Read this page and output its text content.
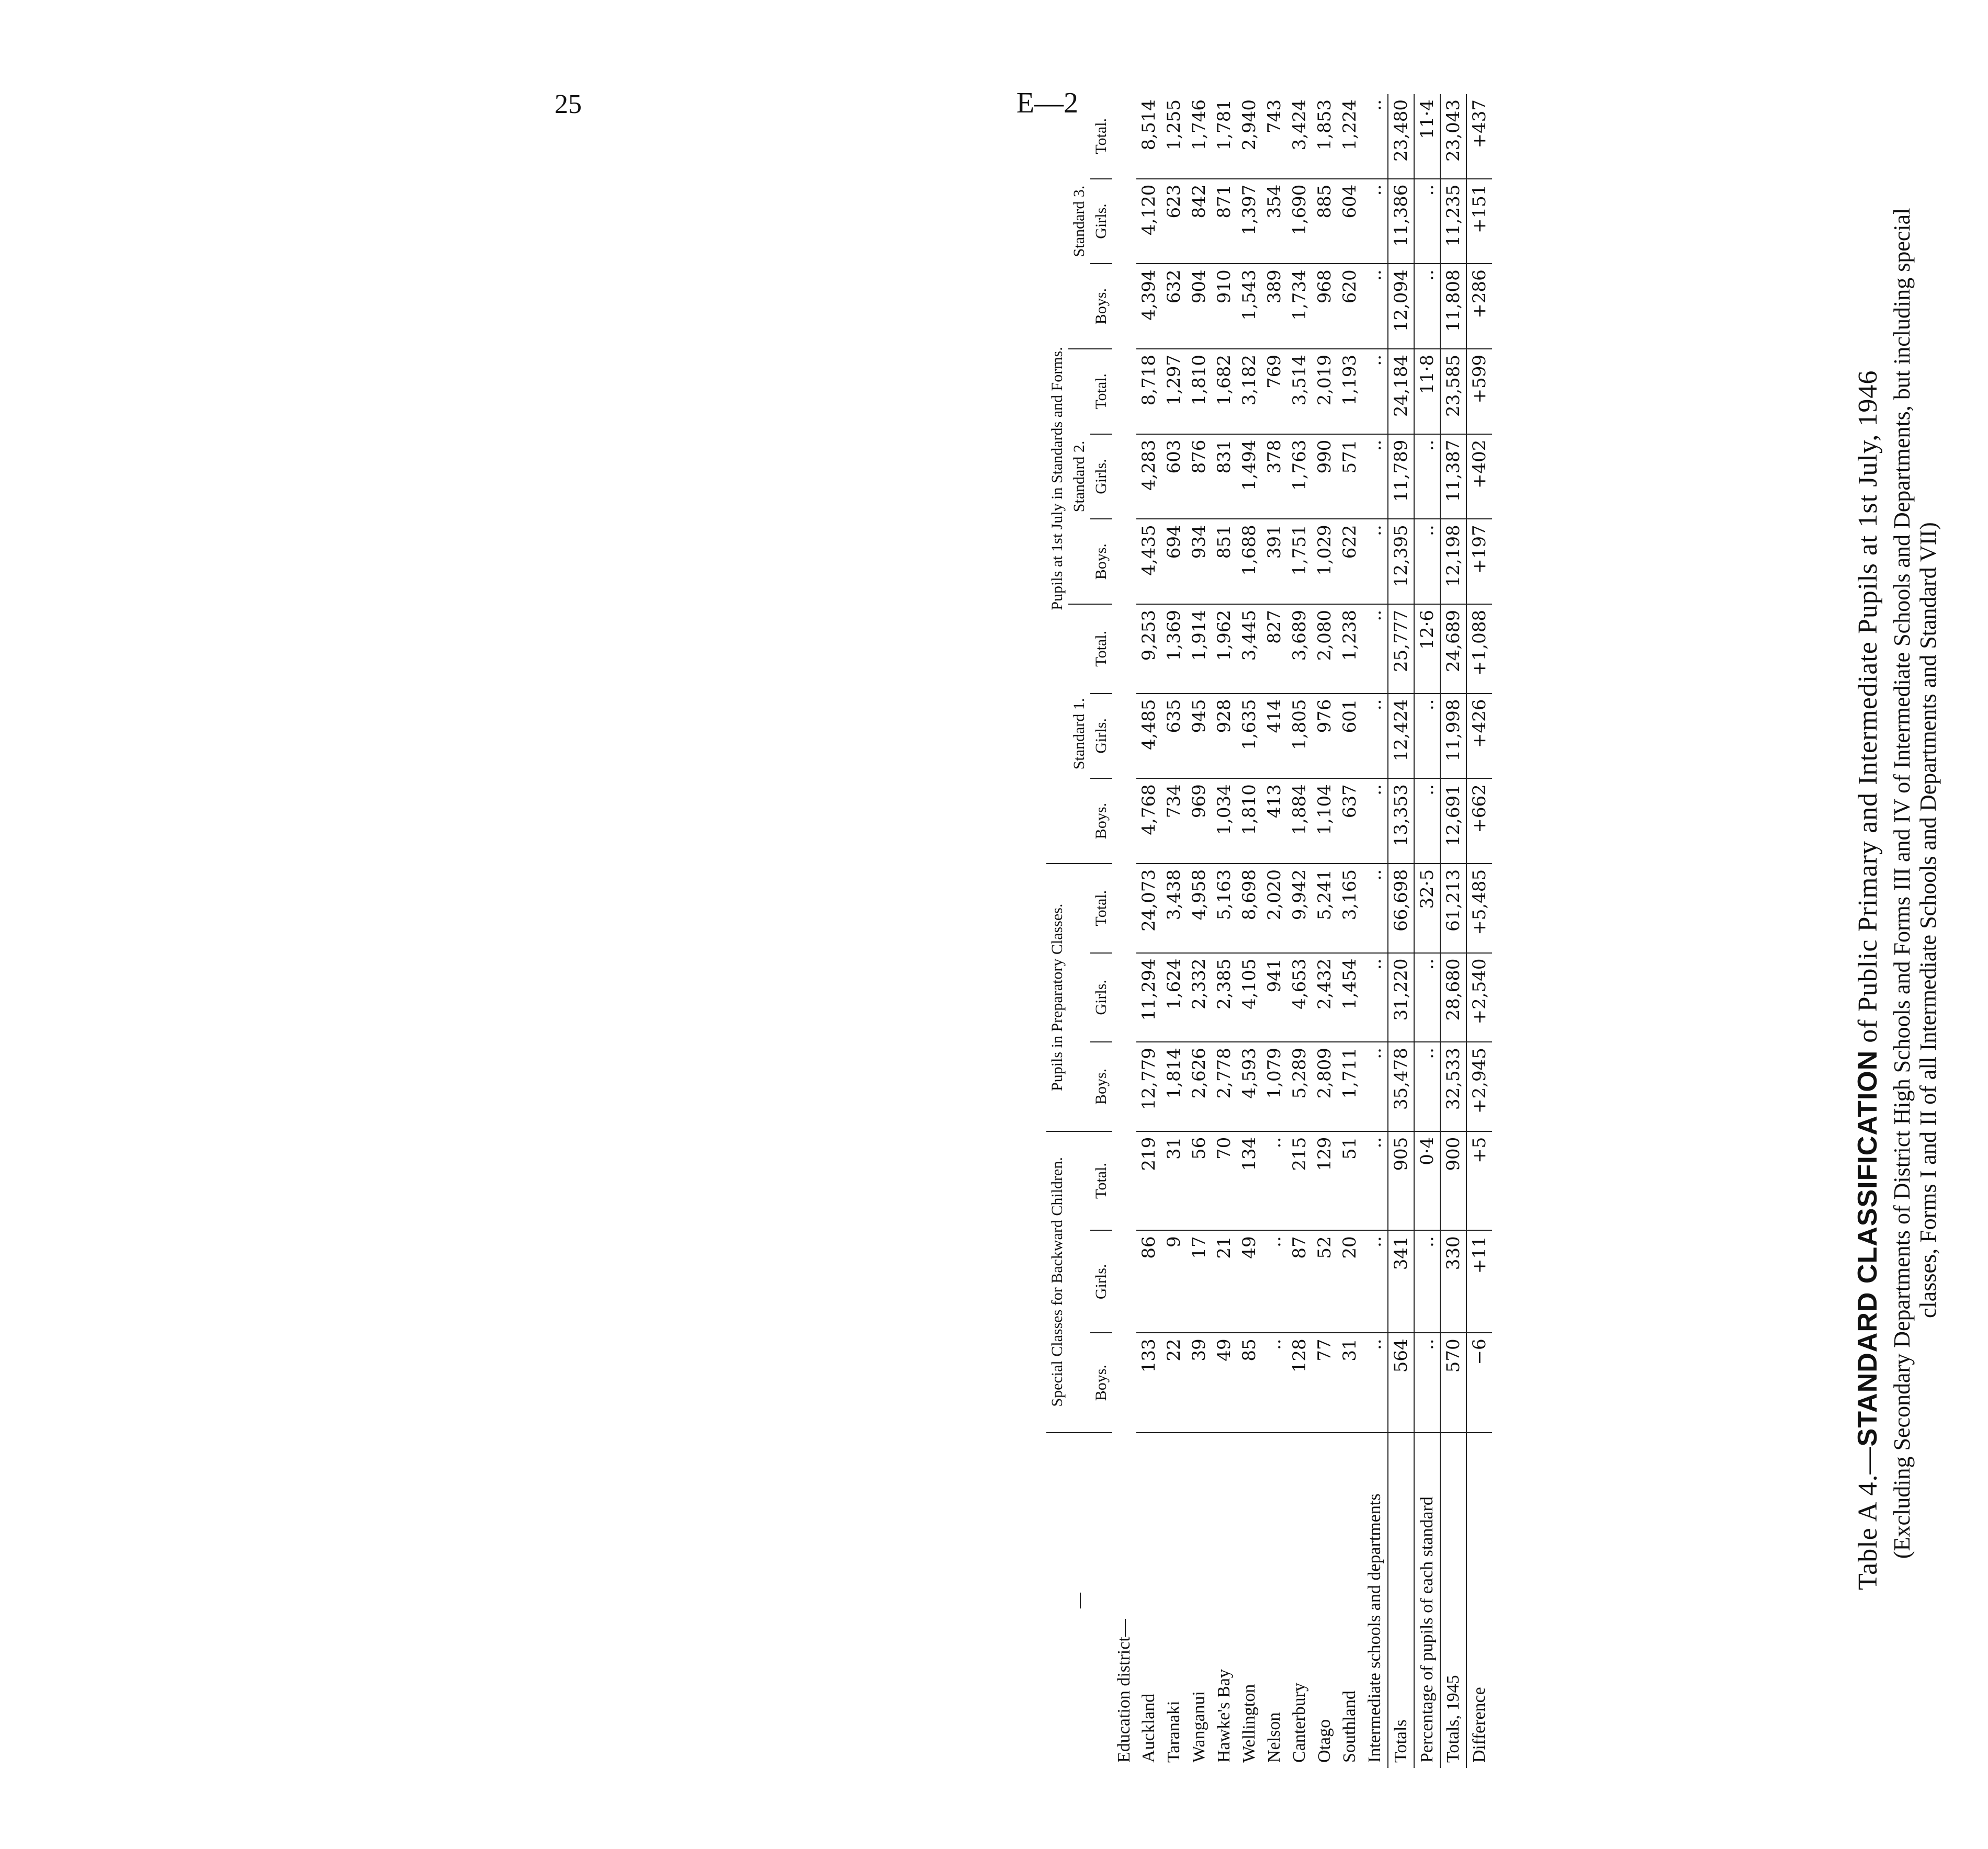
25	E—2
—	Special Classes for Backward Children.			Pupils in Preparatory Classes.			Pupils at 1st July in Standards and Forms.								
							Standard 1.			Standard 2.			Standard 3.		
	Boys.	Girls.	Total.	Boys.	Girls.	Total.	Boys.	Girls.	Total.	Boys.	Girls.	Total.	Boys.	Girls.	Total.
Education district—															
Auckland	133	86	219	12,779	11,294	24,073	4,768	4,485	9,253	4,435	4,283	8,718	4,394	4,120	8,514
Taranaki	22	9	31	1,814	1,624	3,438	734	635	1,369	694	603	1,297	632	623	1,255
Wanganui	39	17	56	2,626	2,332	4,958	969	945	1,914	934	876	1,810	904	842	1,746
Hawke's Bay	49	21	70	2,778	2,385	5,163	1,034	928	1,962	851	831	1,682	910	871	1,781
Wellington	85	49	134	4,593	4,105	8,698	1,810	1,635	3,445	1,688	1,494	3,182	1,543	1,397	2,940
Nelson	..	..	..	1,079	941	2,020	413	414	827	391	378	769	389	354	743
Canterbury	128	87	215	5,289	4,653	9,942	1,884	1,805	3,689	1,751	1,763	3,514	1,734	1,690	3,424
Otago	77	52	129	2,809	2,432	5,241	1,104	976	2,080	1,029	990	2,019	968	885	1,853
Southland	31	20	51	1,711	1,454	3,165	637	601	1,238	622	571	1,193	620	604	1,224
Intermediate schools and departments	..	..	..	..	..	..	..	..	..	..	..	..	..	..	..
Totals	564	341	905	35,478	31,220	66,698	13,353	12,424	25,777	12,395	11,789	24,184	12,094	11,386	23,480
Percentage of pupils of each standard	..	..	0·4	..	..	32·5	..	..	12·6	..	..	11·8	..	..	11·4
Totals, 1945	570	330	900	32,533	28,680	61,213	12,691	11,998	24,689	12,198	11,387	23,585	11,808	11,235	23,043
Difference	−6	+11	+5	+2,945	+2,540	+5,485	+662	+426	+1,088	+197	+402	+599	+286	+151	+437
Table A 4.—STANDARD CLASSIFICATION of Public Primary and Intermediate Pupils at 1st July, 1946 (Excluding Secondary Departments of District High Schools and Forms III and IV of Intermediate Schools and Departments, but including special classes, Forms I and II of all Intermediate Schools and Departments and Standard VII)
